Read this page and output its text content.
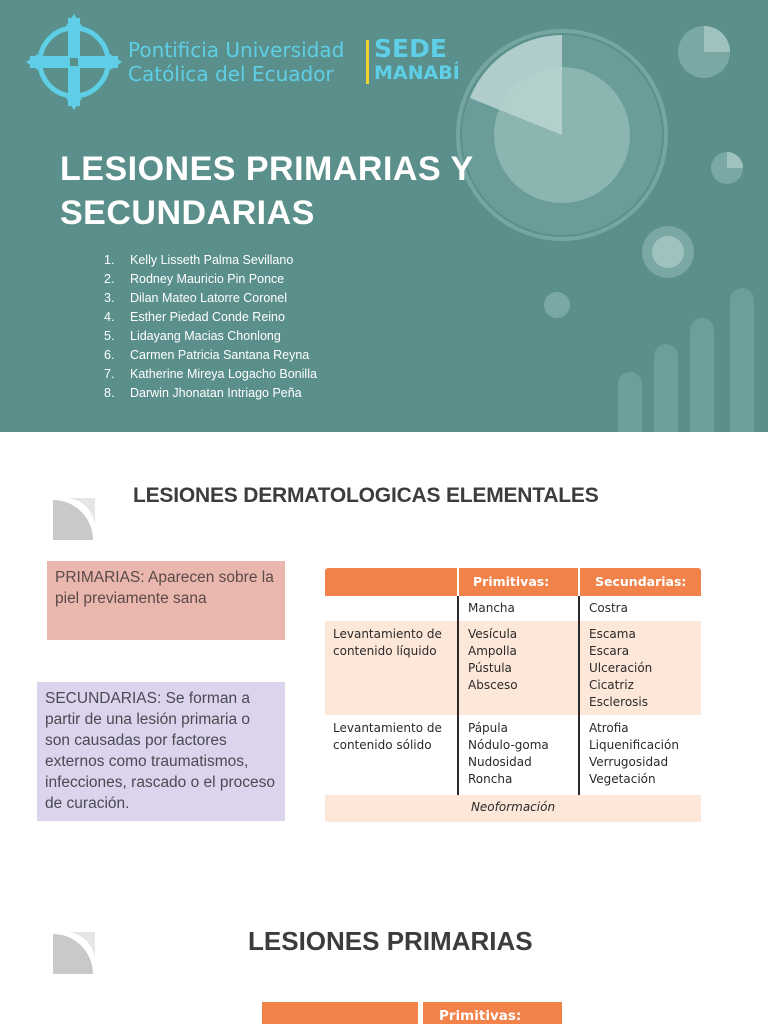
Pontificia Universidad
Católica del Ecuador
SEDE
MANABÍ
LESIONES PRIMARIAS Y SECUNDARIAS
1. Kelly Lisseth Palma Sevillano
2. Rodney Mauricio Pin Ponce
3. Dilan Mateo Latorre Coronel
4. Esther Piedad Conde Reino
5. Lidayang Macias Chonlong
6. Carmen Patricia Santana Reyna
7. Katherine Mireya Logacho Bonilla
8. Darwin Jhonatan Intriago Peña
LESIONES DERMATOLOGICAS ELEMENTALES
PRIMARIAS: Aparecen sobre la piel previamente sana
SECUNDARIAS: Se forman a partir de una lesión primaria o son causadas por factores externos como traumatismos, infecciones, rascado o el proceso de curación.
Primitivas:	Secundarias:
Mancha	Costra
Levantamiento de
contenido líquido
Vesícula
Ampolla
Pústula
Absceso
Escama
Escara
Ulceración
Cicatriz
Esclerosis
Levantamiento de
contenido sólido
Pápula
Nódulo-goma
Nudosidad
Roncha
Atrofia
Liquenificación
Verrugosidad
Vegetación
Neoformación
LESIONES PRIMARIAS
Primitivas:
